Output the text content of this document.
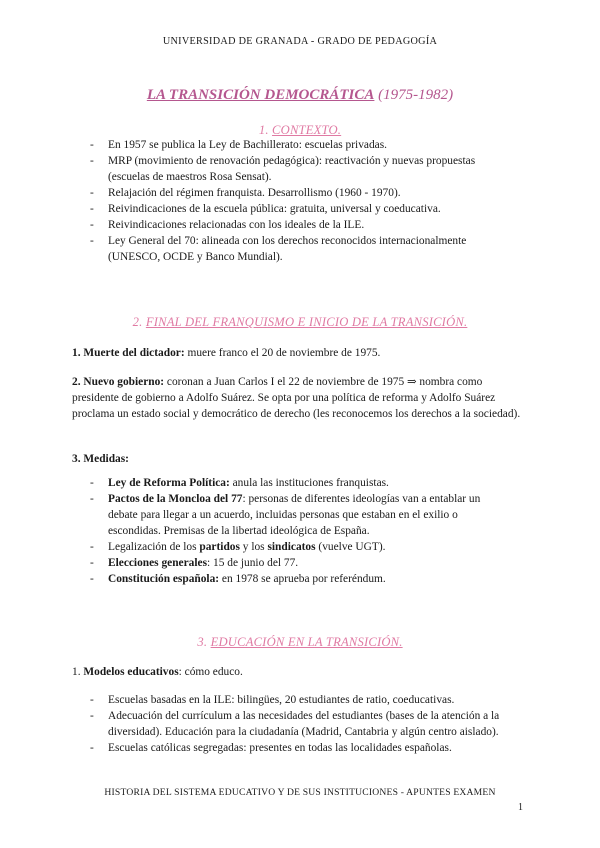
UNIVERSIDAD DE GRANADA - GRADO DE PEDAGOGÍA
LA TRANSICIÓN DEMOCRÁTICA (1975-1982)
1. CONTEXTO.
- En 1957 se publica la Ley de Bachillerato: escuelas privadas.
- MRP (movimiento de renovación pedagógica): reactivación y nuevas propuestas (escuelas de maestros Rosa Sensat).
- Relajación del régimen franquista. Desarrollismo (1960 - 1970).
- Reivindicaciones de la escuela pública: gratuita, universal y coeducativa.
- Reivindicaciones relacionadas con los ideales de la ILE.
- Ley General del 70: alineada con los derechos reconocidos internacionalmente (UNESCO, OCDE y Banco Mundial).
2. FINAL DEL FRANQUISMO E INICIO DE LA TRANSICIÓN.
1. Muerte del dictador: muere franco el 20 de noviembre de 1975.
2. Nuevo gobierno: coronan a Juan Carlos I el 22 de noviembre de 1975 ⇒ nombra como presidente de gobierno a Adolfo Suárez. Se opta por una política de reforma y Adolfo Suárez proclama un estado social y democrático de derecho (les reconocemos los derechos a la sociedad).
3. Medidas:
- Ley de Reforma Política: anula las instituciones franquistas.
- Pactos de la Moncloa del 77: personas de diferentes ideologías van a entablar un debate para llegar a un acuerdo, incluidas personas que estaban en el exilio o escondidas. Premisas de la libertad ideológica de España.
- Legalización de los partidos y los sindicatos (vuelve UGT).
- Elecciones generales: 15 de junio del 77.
- Constitución española: en 1978 se aprueba por referéndum.
3. EDUCACIÓN EN LA TRANSICIÓN.
1. Modelos educativos: cómo educo.
- Escuelas basadas en la ILE: bilingües, 20 estudiantes de ratio, coeducativas.
- Adecuación del currículum a las necesidades del estudiantes (bases de la atención a la diversidad). Educación para la ciudadanía (Madrid, Cantabria y algún centro aislado).
- Escuelas católicas segregadas: presentes en todas las localidades españolas.
HISTORIA DEL SISTEMA EDUCATIVO Y DE SUS INSTITUCIONES - APUNTES EXAMEN
1
